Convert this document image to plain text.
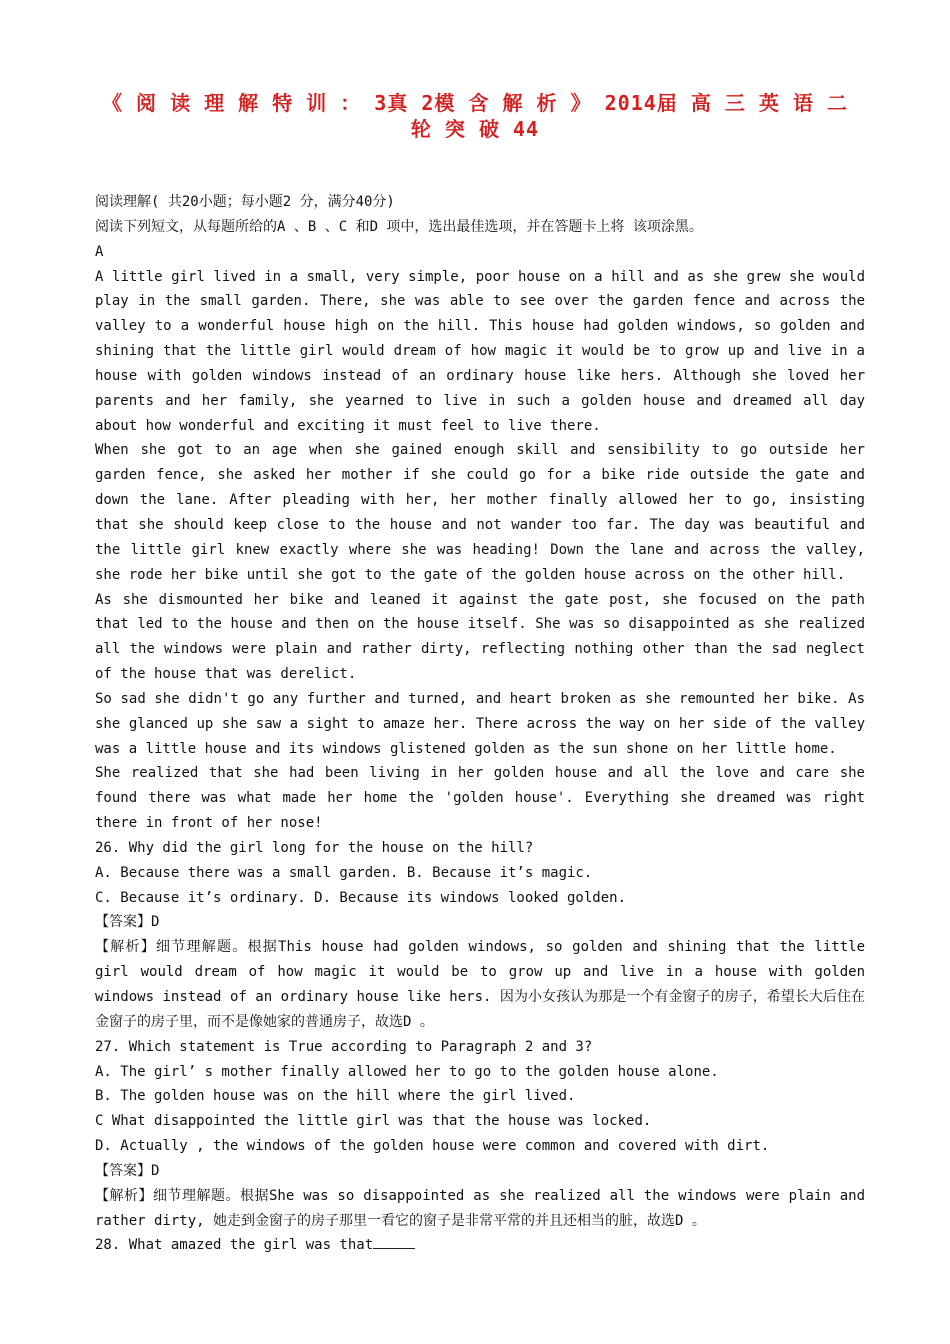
《 阅 读 理 解 特 训 ： 3真 2模 含 解 析 》 2014届 高 三 英 语 二
轮 突 破 44

阅读理解( 共20小题；每小题2 分，满分40分)

阅读下列短文，从每题所给的A 、B 、C 和D 项中，选出最佳选项，并在答题卡上将 该项涂黑。

A

A little girl lived in a small, very simple, poor house on a hill and as she grew she would play in the small garden. There, she was able to see over the garden fence and across the valley to a wonderful house high on the hill. This house had golden windows, so golden and shining that the little girl would dream of how magic it would be to grow up and live in a house with golden windows instead of an ordinary house like hers. Although she loved her parents and her family, she yearned to live in such a golden house and dreamed all day about how wonderful and exciting it must feel to live there.

When she got to an age when she gained enough skill and sensibility to go outside her garden fence, she asked her mother if she could go for a bike ride outside the gate and down the lane. After pleading with her, her mother finally allowed her to go, insisting that she should keep close to the house and not wander too far. The day was beautiful and the little girl knew exactly where she was heading! Down the lane and across the valley, she rode her bike until she got to the gate of the golden house across on the other hill.

As she dismounted her bike and leaned it against the gate post, she focused on the path that led to the house and then on the house itself. She was so disappointed as she realized all the windows were plain and rather dirty, reflecting nothing other than the sad neglect of the house that was derelict.

So sad she didn't go any further and turned, and heart broken as she remounted her bike. As she glanced up she saw a sight to amaze her. There across the way on her side of the valley was a little house and its windows glistened golden as the sun shone on her little home.

She realized that she had been living in her golden house and all the love and care she found there was what made her home the 'golden house'. Everything she dreamed was right there in front of her nose!

26. Why did the girl long for the house on the hill?

A. Because there was a small garden. B. Because it’s magic.

C. Because it’s ordinary. D. Because its windows looked golden.

【答案】D

【解析】细节理解题。根据This house had golden windows, so golden and shining that the little girl would dream of how magic it would be to grow up and live in a house with golden windows instead of an ordinary house like hers. 因为小女孩认为那是一个有金窗子的房子，希望长大后住在金窗子的房子里，而不是像她家的普通房子，故选D 。

27. Which statement is True according to Paragraph 2 and 3?

A. The girl’ s mother finally allowed her to go to the golden house alone.

B. The golden house was on the hill where the girl lived.

C What disappointed the little girl was that the house was locked.

D. Actually , the windows of the golden house were common and covered with dirt.

【答案】D

【解析】细节理解题。根据She was so disappointed as she realized all the windows were plain and rather dirty, 她走到金窗子的房子那里一看它的窗子是非常平常的并且还相当的脏，故选D 。

28. What amazed the girl was that
